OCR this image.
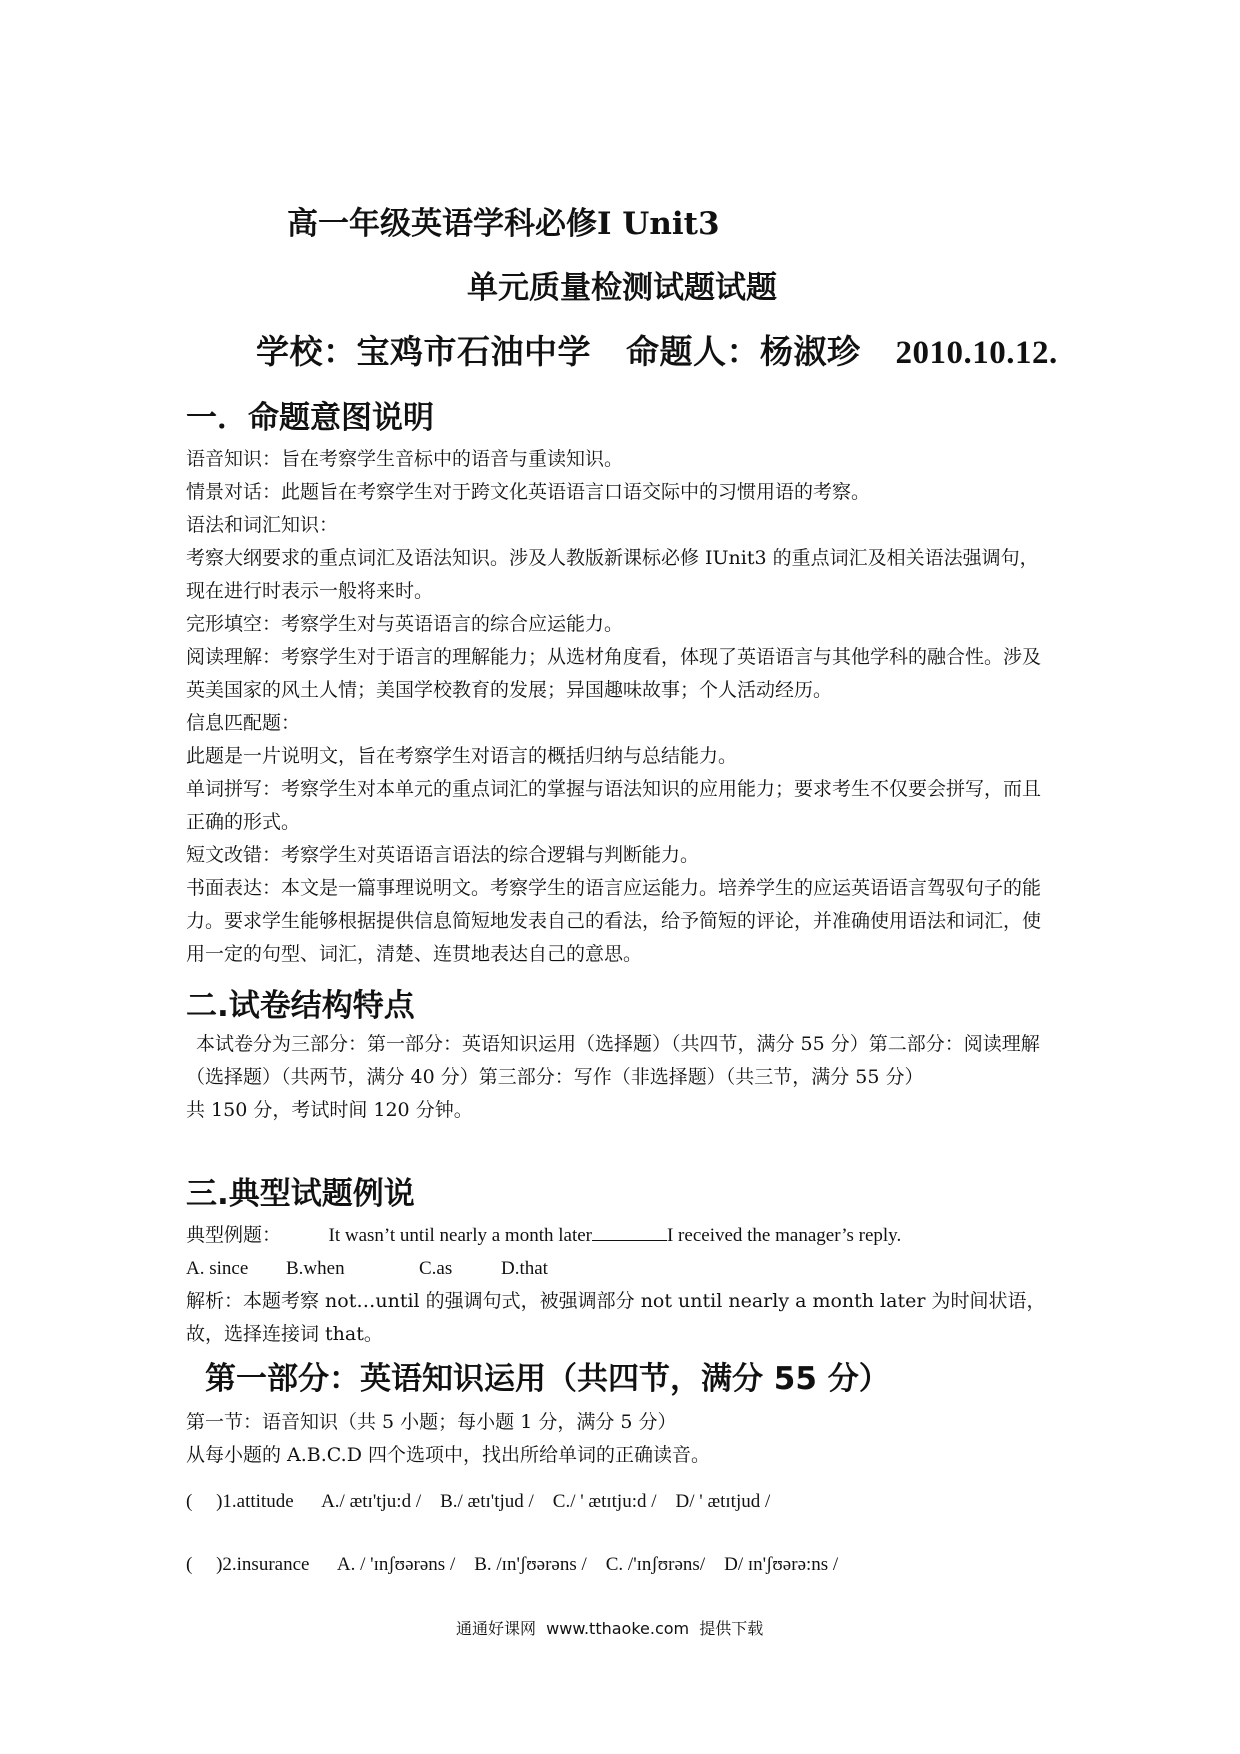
高一年级英语学科必修Ⅰ Unit3
单元质量检测试题试题
学校：宝鸡市石油中学    命题人：杨淑珍    2010.10.12.
一．命题意图说明

语音知识：旨在考察学生音标中的语音与重读知识。

情景对话：此题旨在考察学生对于跨文化英语语言口语交际中的习惯用语的考察。

语法和词汇知识：

考察大纲要求的重点词汇及语法知识。涉及人教版新课标必修 IUnit3 的重点词汇及相关语法强调句，现在进行时表示一般将来时。

完形填空：考察学生对与英语语言的综合应运能力。

阅读理解：考察学生对于语言的理解能力；从选材角度看，体现了英语语言与其他学科的融合性。涉及英美国家的风土人情；美国学校教育的发展；异国趣味故事；个人活动经历。

信息匹配题：

此题是一片说明文，旨在考察学生对语言的概括归纳与总结能力。

单词拼写：考察学生对本单元的重点词汇的掌握与语法知识的应用能力；要求考生不仅要会拼写，而且正确的形式。

短文改错：考察学生对英语语言语法的综合逻辑与判断能力。

书面表达：本文是一篇事理说明文。考察学生的语言应运能力。培养学生的应运英语语言驾驭句子的能力。要求学生能够根据提供信息简短地发表自己的看法，给予简短的评论，并准确使用语法和词汇，使用一定的句型、词汇，清楚、连贯地表达自己的意思。

二.试卷结构特点

本试卷分为三部分：第一部分：英语知识运用（选择题）（共四节，满分 55 分）第二部分：阅读理解（选择题）（共两节，满分 40 分）第三部分：写作（非选择题）（共三节，满分 55 分）

共 150 分，考试时间 120 分钟。

三.典型试题例说

典型例题：	It wasn’t until nearly a month later	I received the manager’s reply.

A. since B.when	C.as	D.that

解析：本题考察 not…until 的强调句式，被强调部分 not until nearly a month later 为时间状语，故，选择连接词 that。

第一部分：英语知识运用（共四节，满分 55 分）

第一节：语音知识（共 5 小题；每小题 1 分，满分 5 分）

从每小题的 A.B.C.D 四个选项中，找出所给单词的正确读音。

(     )1.attitude      A./ ætɪ'tju:d /    B./ ætɪ'tjud /    C./ ' ætɪtju:d /    D/ ' ætɪtjud /
(     )2.insurance      A. / 'ɪnʃʊərəns /    B. /ɪn'ʃʊərəns /    C. /'ɪnʃʊrəns/    D/ ɪn'ʃʊərə:ns /
通通好课网  www.tthaoke.com  提供下载
